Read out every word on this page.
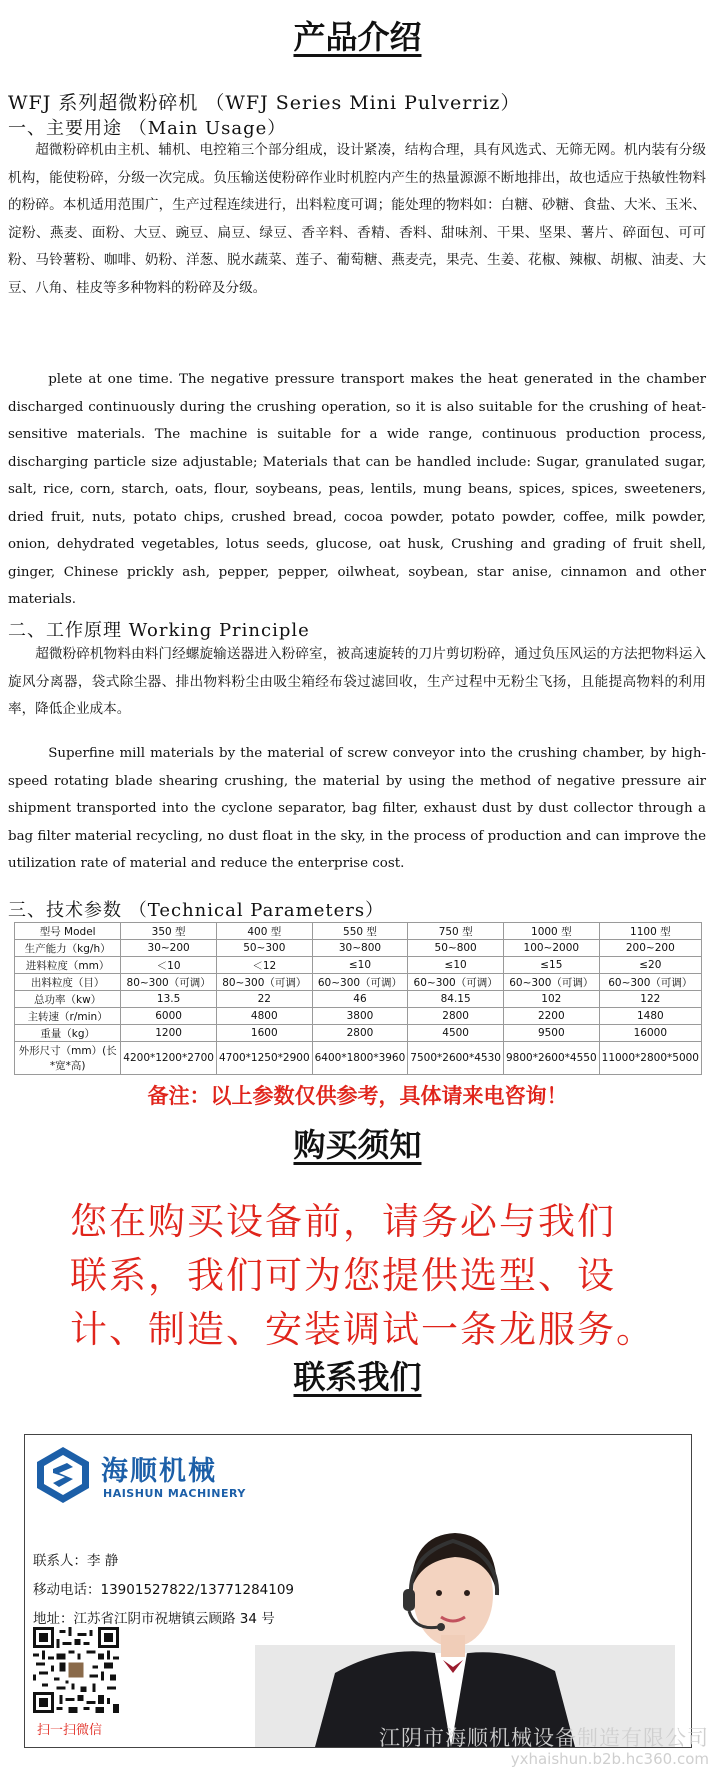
产品介绍
WFJ 系列超微粉碎机 （WFJ Series Mini Pulverriz）
一、主要用途 （Main Usage）

超微粉碎机由主机、辅机、电控箱三个部分组成，设计紧凑，结构合理，具有风选式、无筛无网。机内装有分级机构，能使粉碎，分级一次完成。负压输送使粉碎作业时机腔内产生的热量源源不断地排出，故也适应于热敏性物料的粉碎。本机适用范围广，生产过程连续进行，出料粒度可调；能处理的物料如：白糖、砂糖、食盐、大米、玉米、淀粉、燕麦、面粉、大豆、豌豆、扁豆、绿豆、香辛料、香精、香料、甜味剂、干果、坚果、薯片、碎面包、可可粉、马铃薯粉、咖啡、奶粉、洋葱、脱水蔬菜、莲子、葡萄糖、燕麦壳，果壳、生姜、花椒、辣椒、胡椒、油麦、大豆、八角、桂皮等多种物料的粉碎及分级。

plete at one time. The negative pressure transport makes the heat generated in the chamber discharged continuously during the crushing operation, so it is also suitable for the crushing of heat-sensitive materials. The machine is suitable for a wide range, continuous production process, discharging particle size adjustable; Materials that can be handled include: Sugar, granulated sugar, salt, rice, corn, starch, oats, flour, soybeans, peas, lentils, mung beans, spices, spices, sweeteners, dried fruit, nuts, potato chips, crushed bread, cocoa powder, potato powder, coffee, milk powder, onion, dehydrated vegetables, lotus seeds, glucose, oat husk, Crushing and grading of fruit shell, ginger, Chinese prickly ash, pepper, pepper, oilwheat, soybean, star anise, cinnamon and other materials.

二、工作原理 Working Principle

超微粉碎机物料由料门经螺旋输送器进入粉碎室，被高速旋转的刀片剪切粉碎，通过负压风运的方法把物料运入旋风分离器，袋式除尘器、排出物料粉尘由吸尘箱经布袋过滤回收，生产过程中无粉尘飞扬，且能提高物料的利用率，降低企业成本。

Superfine mill materials by the material of screw conveyor into the crushing chamber, by high-speed rotating blade shearing crushing, the material by using the method of negative pressure air shipment transported into the cyclone separator, bag filter, exhaust dust by dust collector through a bag filter material recycling, no dust float in the sky, in the process of production and can improve the utilization rate of material and reduce the enterprise cost.

三、技术参数 （Technical Parameters）
型号 Model	350 型	400 型	550 型	750 型	1000 型	1100 型
生产能力（kg/h）	30~200	50~300	30~800	50~800	100~2000	200~200
进料粒度（mm）	＜10	＜12	≤10	≤10	≤15	≤20
出料粒度（目）	80~300（可调）	80~300（可调）	60~300（可调）	60~300（可调）	60~300（可调）	60~300（可调）
总功率（kw）	13.5	22	46	84.15	102	122
主转速（r/min）	6000	4800	3800	2800	2200	1480
重量（kg）	1200	1600	2800	4500	9500	16000
外形尺寸（mm）(长*宽*高)	4200*1200*2700	4700*1250*2900	6400*1800*3960	7500*2600*4530	9800*2600*4550	11000*2800*5000
备注：以上参数仅供参考，具体请来电咨询！
购买须知
您在购买设备前，请务必与我们
联系，我们可为您提供选型、设
计、制造、安装调试一条龙服务。
联系我们
海顺机械
HAISHUN MACHINERY
联系人：李 静
移动电话：13901527822/13771284109
地址：江苏省江阴市祝塘镇云顾路 34 号
扫一扫微信	江阴市海顺机械设备制造有限公司
yxhaishun.b2b.hc360.com
